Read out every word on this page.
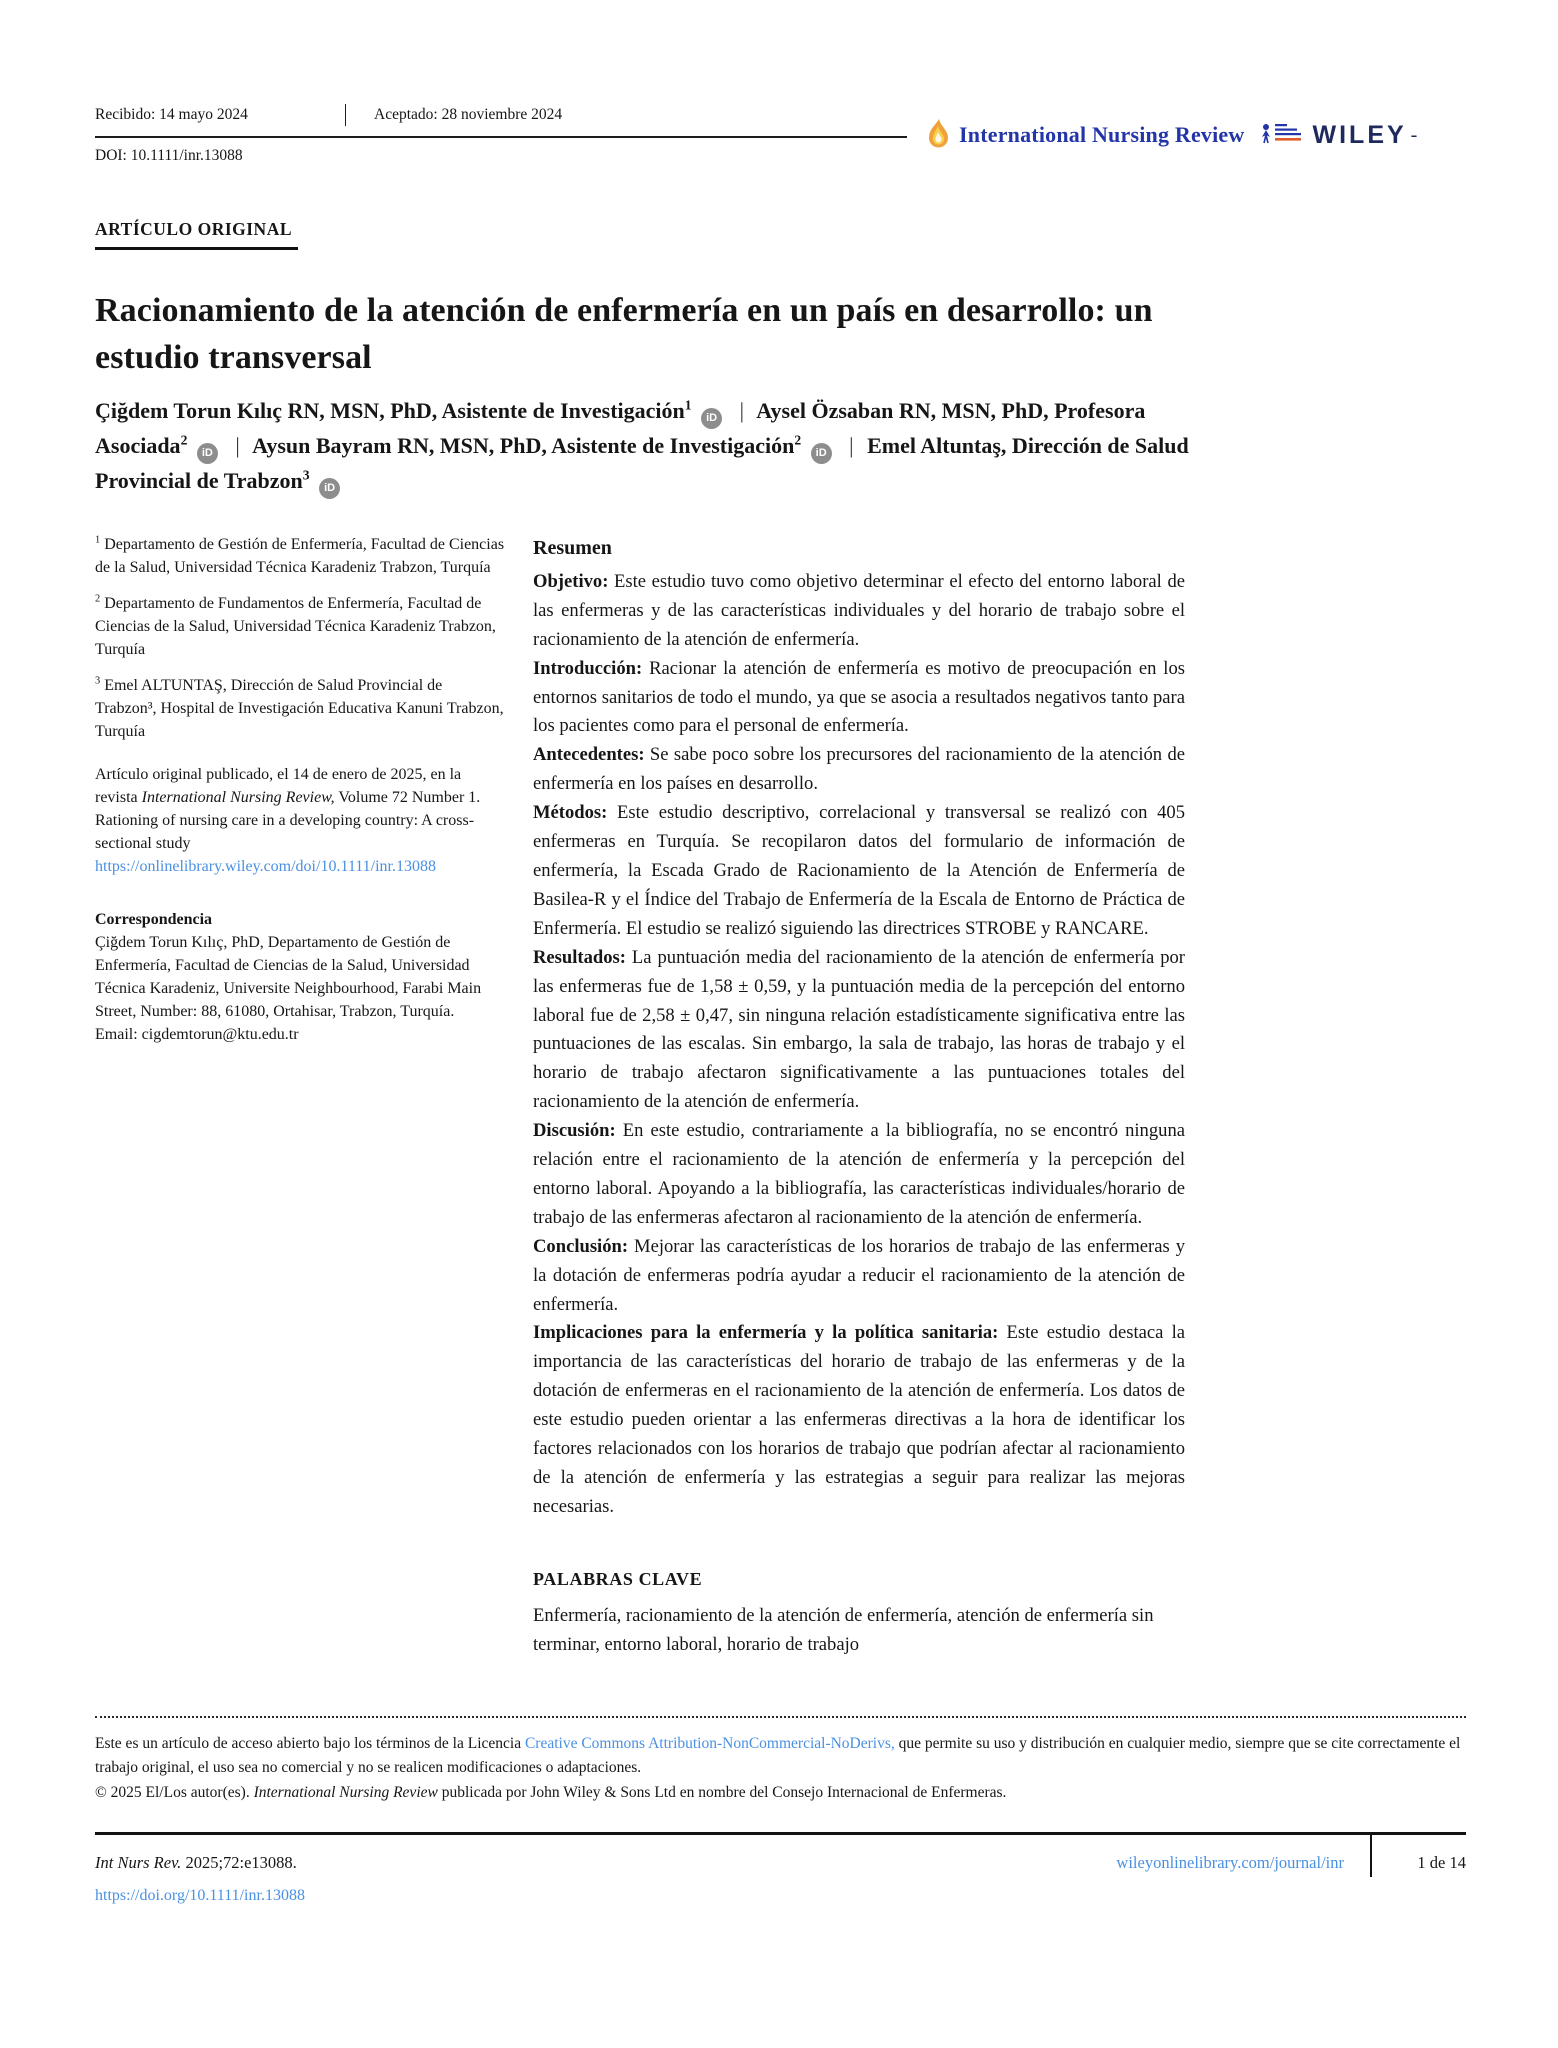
Recibido: 14 mayo 2024	Aceptado: 28 noviembre 2024
International Nursing Review	WILEY -
DOI: 10.1111/inr.13088
ARTÍCULO ORIGINAL
Racionamiento de la atención de enfermería en un país en desarrollo: un estudio transversal
Çiğdem Torun Kılıç RN, MSN, PhD, Asistente de Investigación$^1$ iD | Aysel Özsaban RN, MSN, PhD, Profesora Asociada$^2$ iD | Aysun Bayram RN, MSN, PhD, Asistente de Investigación$^2$ iD | Emel Altuntaş, Dirección de Salud Provincial de Trabzon$^3$ iD
$^1$ Departamento de Gestión de Enfermería, Facultad de Ciencias de la Salud, Universidad Técnica Karadeniz Trabzon, Turquía
$^2$ Departamento de Fundamentos de Enfermería, Facultad de Ciencias de la Salud, Universidad Técnica Karadeniz Trabzon, Turquía
$^3$ Emel ALTUNTAŞ, Dirección de Salud Provincial de Trabzon³, Hospital de Investigación Educativa Kanuni Trabzon, Turquía
Artículo original publicado, el 14 de enero de 2025, en la revista International Nursing Review, Volume 72 Number 1. Rationing of nursing care in a developing country: A cross-sectional study
https://onlinelibrary.wiley.com/doi/10.1111/inr.13088
Correspondencia
Çiğdem Torun Kılıç, PhD, Departamento de Gestión de Enfermería, Facultad de Ciencias de la Salud, Universidad Técnica Karadeniz, Universite Neighbourhood, Farabi Main Street, Number: 88, 61080, Ortahisar, Trabzon, Turquía.
Email: cigdemtorun@ktu.edu.tr
Resumen

Objetivo: Este estudio tuvo como objetivo determinar el efecto del entorno laboral de las enfermeras y de las características individuales y del horario de trabajo sobre el racionamiento de la atención de enfermería.

Introducción: Racionar la atención de enfermería es motivo de preocupación en los entornos sanitarios de todo el mundo, ya que se asocia a resultados negativos tanto para los pacientes como para el personal de enfermería.

Antecedentes: Se sabe poco sobre los precursores del racionamiento de la atención de enfermería en los países en desarrollo.

Métodos: Este estudio descriptivo, correlacional y transversal se realizó con 405 enfermeras en Turquía. Se recopilaron datos del formulario de información de enfermería, la Escada Grado de Racionamiento de la Atención de Enfermería de Basilea-R y el Índice del Trabajo de Enfermería de la Escala de Entorno de Práctica de Enfermería. El estudio se realizó siguiendo las directrices STROBE y RANCARE.

Resultados: La puntuación media del racionamiento de la atención de enfermería por las enfermeras fue de 1,58 ± 0,59, y la puntuación media de la percepción del entorno laboral fue de 2,58 ± 0,47, sin ninguna relación estadísticamente significativa entre las puntuaciones de las escalas. Sin embargo, la sala de trabajo, las horas de trabajo y el horario de trabajo afectaron significativamente a las puntuaciones totales del racionamiento de la atención de enfermería.

Discusión: En este estudio, contrariamente a la bibliografía, no se encontró ninguna relación entre el racionamiento de la atención de enfermería y la percepción del entorno laboral. Apoyando a la bibliografía, las características individuales/horario de trabajo de las enfermeras afectaron al racionamiento de la atención de enfermería.

Conclusión: Mejorar las características de los horarios de trabajo de las enfermeras y la dotación de enfermeras podría ayudar a reducir el racionamiento de la atención de enfermería.

Implicaciones para la enfermería y la política sanitaria: Este estudio destaca la importancia de las características del horario de trabajo de las enfermeras y de la dotación de enfermeras en el racionamiento de la atención de enfermería. Los datos de este estudio pueden orientar a las enfermeras directivas a la hora de identificar los factores relacionados con los horarios de trabajo que podrían afectar al racionamiento de la atención de enfermería y las estrategias a seguir para realizar las mejoras necesarias.

PALABRAS CLAVE
Enfermería, racionamiento de la atención de enfermería, atención de enfermería sin terminar, entorno laboral, horario de trabajo
Este es un artículo de acceso abierto bajo los términos de la Licencia Creative Commons Attribution-NonCommercial-NoDerivs, que permite su uso y distribución en cualquier medio, siempre que se cite correctamente el trabajo original, el uso sea no comercial y no se realicen modificaciones o adaptaciones.
© 2025 El/Los autor(es). International Nursing Review publicada por John Wiley & Sons Ltd en nombre del Consejo Internacional de Enfermeras.
Int Nurs Rev. 2025;72:e13088.	wileyonlinelibrary.com/journal/inr	1 de 14
https://doi.org/10.1111/inr.13088
